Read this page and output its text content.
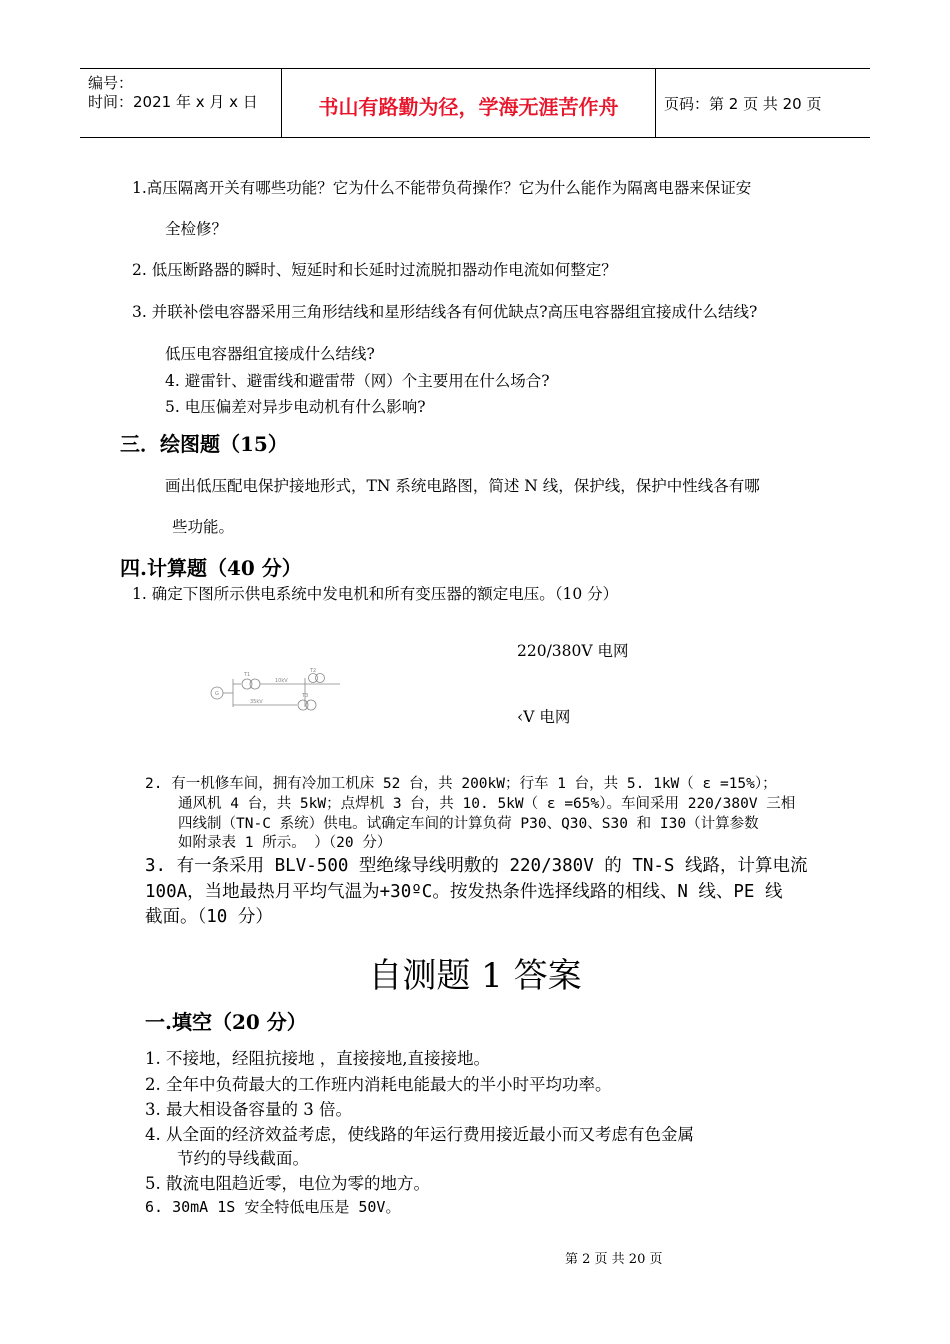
编号：
时间：2021 年 x 月 x 日	书山有路勤为径，学海无涯苦作舟	页码：第 2 页 共 20 页
1.高压隔离开关有哪些功能？它为什么不能带负荷操作？它为什么能作为隔离电器来保证安
全检修？
2. 低压断路器的瞬时、短延时和长延时过流脱扣器动作电流如何整定？
3. 并联补偿电容器采用三角形结线和星形结线各有何优缺点?高压电容器组宜接成什么结线?
低压电容器组宜接成什么结线?
4. 避雷针、避雷线和避雷带（网）个主要用在什么场合?
5. 电压偏差对异步电动机有什么影响?
三．绘图题（15）
画出低压配电保护接地形式，TN 系统电路图，简述 N 线，保护线，保护中性线各有哪
些功能。
四.计算题（40 分）
1. 确定下图所示供电系统中发电机和所有变压器的额定电压。（10 分）
G
T1
T2
T3
10kV
35kV
220/380V 电网
‹V 电网
2. 有一机修车间，拥有冷加工机床 52 台，共 200kW；行车 1 台，共 5. 1kW（ ε =15%）；
通风机 4 台，共 5kW；点焊机 3 台，共 10. 5kW（ ε =65%）。车间采用 220/380V 三相
四线制（TN-C 系统）供电。试确定车间的计算负荷 P30、Q30、S30 和 I30（计算参数
如附录表 1 所示。 ）（20 分）
3. 有一条采用 BLV-500 型绝缘导线明敷的 220/380V 的 TN-S 线路，计算电流
100A，当地最热月平均气温为+30ºC。按发热条件选择线路的相线、N 线、PE 线
截面。（10 分）
自测题 1 答案
一.填空（20 分）
1. 不接地，经阻抗接地 ，直接接地,直接接地。
2. 全年中负荷最大的工作班内消耗电能最大的半小时平均功率。
3. 最大相设备容量的 3 倍。
4. 从全面的经济效益考虑，使线路的年运行费用接近最小而又考虑有色金属
节约的导线截面。
5. 散流电阻趋近零，电位为零的地方。
6. 30mA 1S 安全特低电压是 50V。
第 2 页 共 20 页
